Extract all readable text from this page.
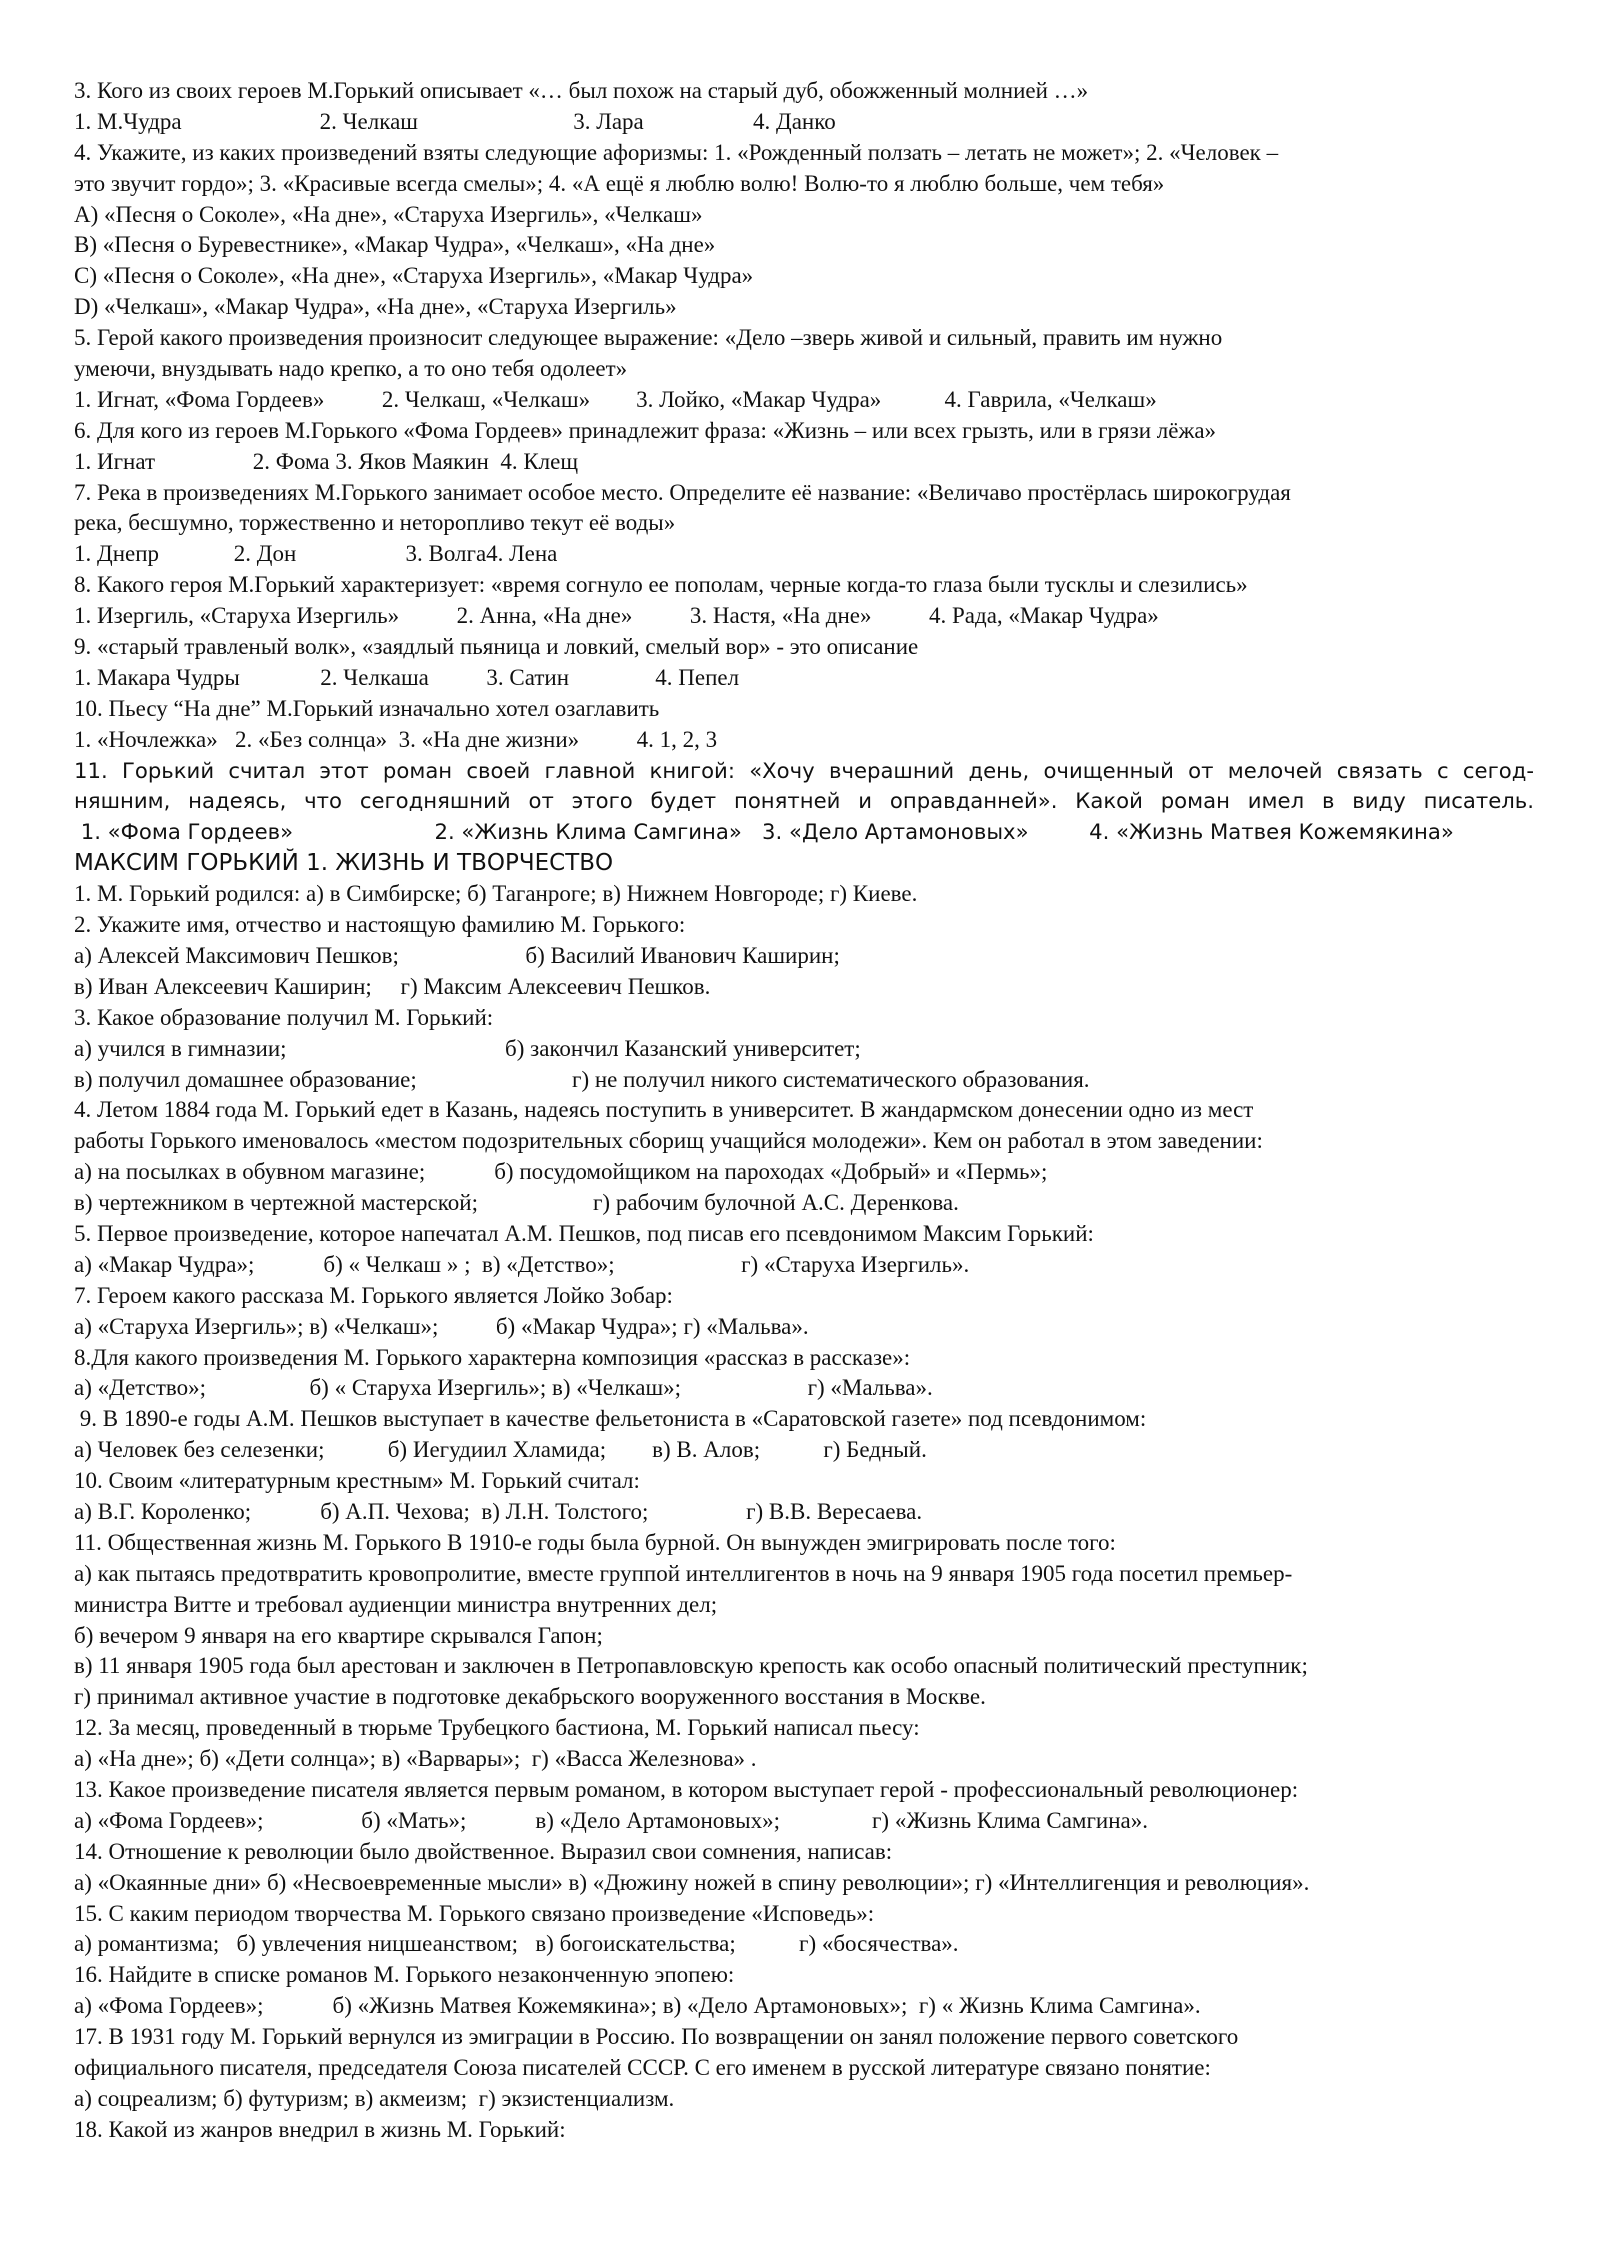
3. Кого из своих героев М.Горький описывает «… был похож на старый дуб, обожженный молнией …»
1. М.Чудра                        2. Челкаш                           3. Лара                   4. Данко
4. Укажите, из каких произведений взяты следующие афоризмы: 1. «Рожденный ползать – летать не может»; 2. «Человек –
это звучит гордо»; 3. «Красивые всегда смелы»; 4. «А ещё я люблю волю! Волю-то я люблю больше, чем тебя»
A) «Песня о Соколе», «На дне», «Старуха Изергиль», «Челкаш»
B) «Песня о Буревестнике», «Макар Чудра», «Челкаш», «На дне»
C) «Песня о Соколе», «На дне», «Старуха Изергиль», «Макар Чудра»
D) «Челкаш», «Макар Чудра», «На дне», «Старуха Изергиль»
5. Герой какого произведения произносит следующее выражение: «Дело –зверь живой и сильный, править им нужно
умеючи, внуздывать надо крепко, а то оно тебя одолеет»
1. Игнат, «Фома Гордеев»          2. Челкаш, «Челкаш»        3. Лойко, «Макар Чудра»           4. Гаврила, «Челкаш»
6. Для кого из героев М.Горького «Фома Гордеев» принадлежит фраза: «Жизнь – или всех грызть, или в грязи лёжа»
1. Игнат                 2. Фома 3. Яков Маякин  4. Клещ
7. Река в произведениях М.Горького занимает особое место. Определите её название: «Величаво простёрлась широкогрудая
река, бесшумно, торжественно и неторопливо текут её воды»
1. Днепр             2. Дон                   3. Волга4. Лена
8. Какого героя М.Горький характеризует: «время согнуло ее пополам, черные когда-то глаза были тусклы и слезились»
1. Изергиль, «Старуха Изергиль»          2. Анна, «На дне»          3. Настя, «На дне»          4. Рада, «Макар Чудра»
9. «старый травленый волк», «заядлый пьяница и ловкий, смелый вор» - это описание
1. Макара Чудры              2. Челкаша          3. Сатин               4. Пепел
10. Пьесу “На дне” М.Горький изначально хотел озаглавить
1. «Ночлежка»   2. «Без солнца»  3. «На дне жизни»          4. 1, 2, 3
11. Горький считал этот роман своей главной книгой: «Хочу вчерашний день, очищенный от мелочей связать с сегод-
няшним, надеясь, что сегодняшний от этого будет понятней и оправданней». Какой роман имел в виду писатель.
1. «Фома Гордеев»                     2. «Жизнь Клима Самгина»   3. «Дело Артамоновых»         4. «Жизнь Матвея Кожемякина»
МАКСИМ ГОРЬКИЙ 1. ЖИЗНЬ И ТВОРЧЕСТВО
1. М. Горький родился: а) в Симбирске; б) Таганроге; в) Нижнем Новгороде; г) Киеве.
2. Укажите имя, отчество и настоящую фамилию М. Горького:
а) Алексей Максимович Пешков;                      б) Василий Иванович Каширин;
в) Иван Алексеевич Каширин;     г) Максим Алексеевич Пешков.
3. Какое образование получил М. Горький:
а) учился в гимназии;                                      б) закончил Казанский университет;
в) получил домашнее образование;                           г) не получил никого систематического образования.
4. Летом 1884 года М. Горький едет в Казань, надеясь поступить в университет. В жандармском донесении одно из мест
работы Горького именовалось «местом подозрительных сборищ учащийся молодежи». Кем он работал в этом заведении:
а) на посылках в обувном магазине;            б) посудомойщиком на пароходах «Добрый» и «Пермь»;
в) чертежником в чертежной мастерской;                    г) рабочим булочной А.С. Деренкова.
5. Первое произведение, которое напечатал А.М. Пешков, под писав его псевдонимом Максим Горький:
а) «Макар Чудра»;            б) « Челкаш » ;  в) «Детство»;                      г) «Старуха Изергиль».
7. Героем какого рассказа М. Горького является Лойко Зобар:
а) «Старуха Изергиль»; в) «Челкаш»;          б) «Макар Чудра»; г) «Мальва».
8.Для какого произведения М. Горького характерна композиция «рассказ в рассказе»:
а) «Детство»;                  б) « Старуха Изергиль»; в) «Челкаш»;                      г) «Мальва».
9. В 1890-е годы А.М. Пешков выступает в качестве фельетониста в «Саратовской газете» под псевдонимом:
а) Человек без селезенки;           б) Иегудиил Хламида;        в) В. Алов;           г) Бедный.
10. Своим «литературным крестным» М. Горький считал:
а) В.Г. Короленко;            б) А.П. Чехова;  в) Л.Н. Толстого;                 г) В.В. Вересаева.
11. Общественная жизнь М. Горького В 1910-е годы была бурной. Он вынужден эмигрировать после того:
а) как пытаясь предотвратить кровопролитие, вместе группой интеллигентов в ночь на 9 января 1905 года посетил премьер-
министра Витте и требовал аудиенции министра внутренних дел;
б) вечером 9 января на его квартире скрывался Гапон;
в) 11 января 1905 года был арестован и заключен в Петропавловскую крепость как особо опасный политический преступник;
г) принимал активное участие в подготовке декабрьского вооруженного восстания в Москве.
12. За месяц, проведенный в тюрьме Трубецкого бастиона, М. Горький написал пьесу:
а) «На дне»; б) «Дети солнца»; в) «Варвары»;  г) «Васса Железнова» .
13. Какое произведение писателя является первым романом, в котором выступает герой - профессиональный революционер:
а) «Фома Гордеев»;                 б) «Мать»;            в) «Дело Артамоновых»;                г) «Жизнь Клима Самгина».
14. Отношение к революции было двойственное. Выразил свои сомнения, написав:
а) «Окаянные дни» б) «Несвоевременные мысли» в) «Дюжину ножей в спину революции»; г) «Интеллигенция и революция».
15. С каким периодом творчества М. Горького связано произведение «Исповедь»:
а) романтизма;   б) увлечения ницшеанством;   в) богоискательства;           г) «босячества».
16. Найдите в списке романов М. Горького незаконченную эпопею:
а) «Фома Гордеев»;            б) «Жизнь Матвея Кожемякина»; в) «Дело Артамоновых»;  г) « Жизнь Клима Самгина».
17. В 1931 году М. Горький вернулся из эмиграции в Россию. По возвращении он занял положение первого советского
официального писателя, председателя Союза писателей СССР. С его именем в русской литературе связано понятие:
а) соцреализм; б) футуризм; в) акмеизм;  г) экзистенциализм.
18. Какой из жанров внедрил в жизнь М. Горький:
